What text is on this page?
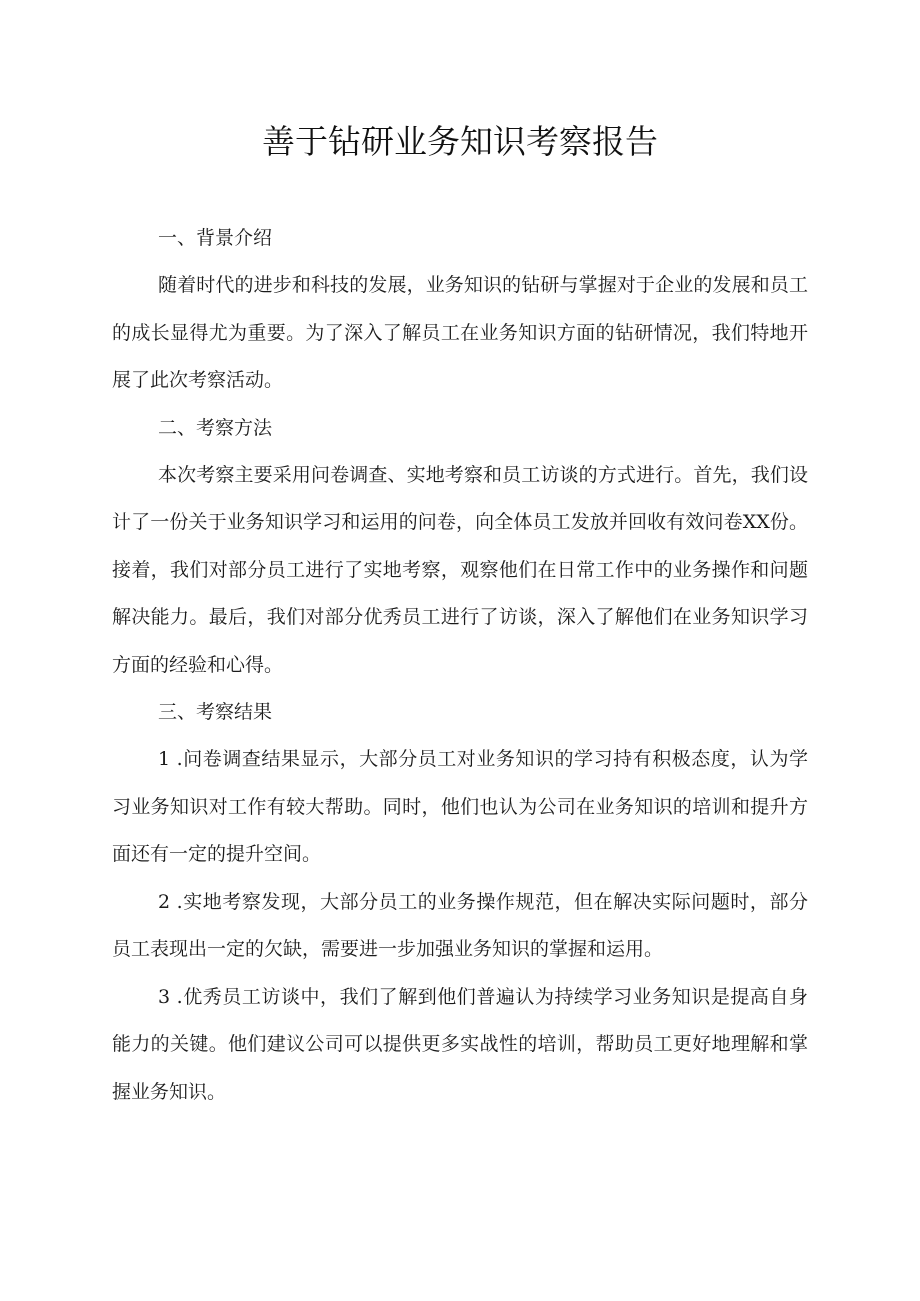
善于钻研业务知识考察报告

一、背景介绍

随着时代的进步和科技的发展，业务知识的钻研与掌握对于企业的发展和员工的成长显得尤为重要。为了深入了解员工在业务知识方面的钻研情况，我们特地开展了此次考察活动。

二、考察方法

本次考察主要采用问卷调查、实地考察和员工访谈的方式进行。首先，我们设计了一份关于业务知识学习和运用的问卷，向全体员工发放并回收有效问卷XX份。接着，我们对部分员工进行了实地考察，观察他们在日常工作中的业务操作和问题解决能力。最后，我们对部分优秀员工进行了访谈，深入了解他们在业务知识学习方面的经验和心得。

三、考察结果

1 .问卷调查结果显示，大部分员工对业务知识的学习持有积极态度，认为学习业务知识对工作有较大帮助。同时，他们也认为公司在业务知识的培训和提升方面还有一定的提升空间。

2 .实地考察发现，大部分员工的业务操作规范，但在解决实际问题时，部分员工表现出一定的欠缺，需要进一步加强业务知识的掌握和运用。

3 .优秀员工访谈中，我们了解到他们普遍认为持续学习业务知识是提高自身能力的关键。他们建议公司可以提供更多实战性的培训，帮助员工更好地理解和掌握业务知识。
